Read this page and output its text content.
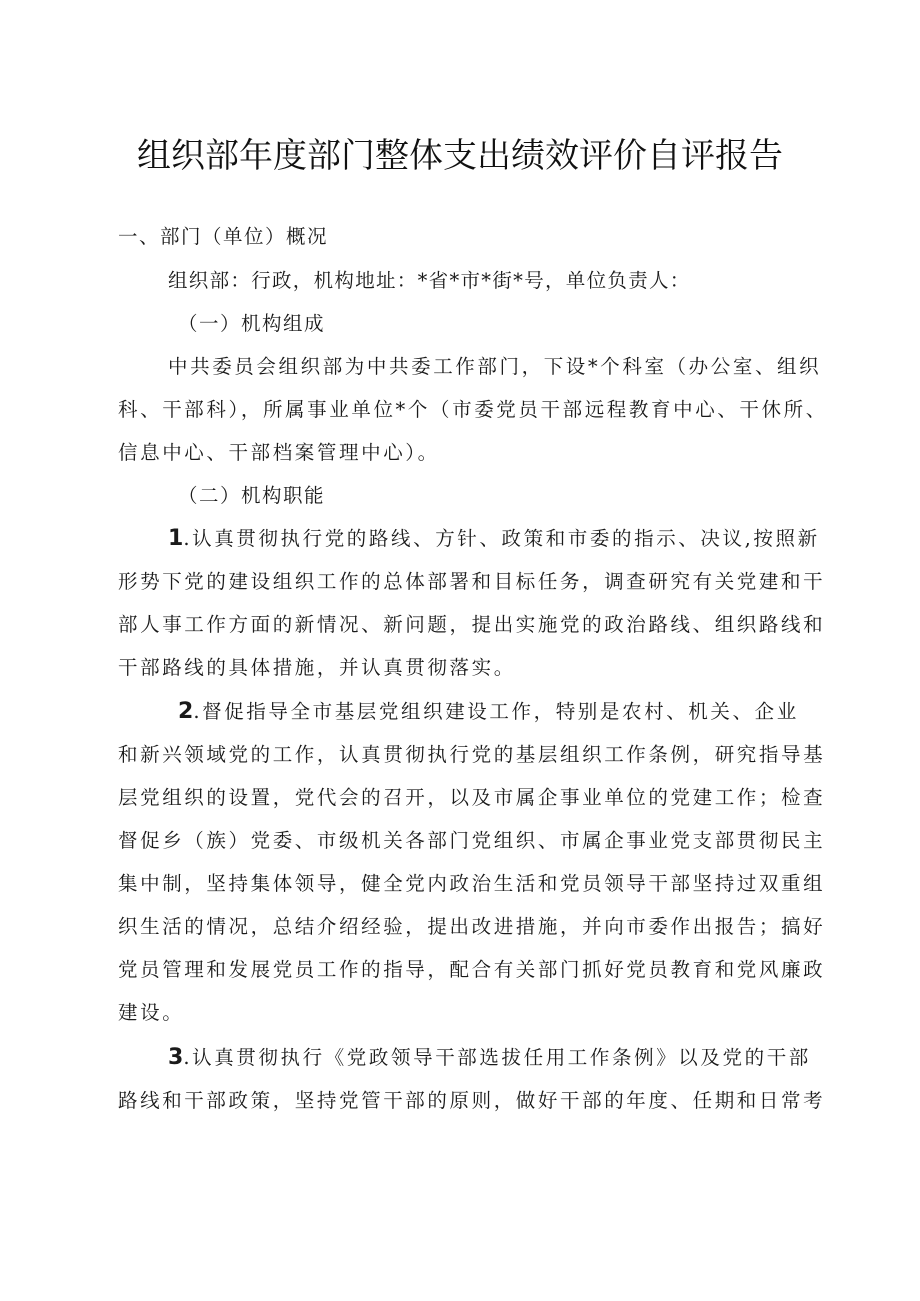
组织部年度部门整体支出绩效评价自评报告
一、部门（单位）概况
组织部：行政，机构地址：*省*市*街*号，单位负责人：
（一）机构组成
中共委员会组织部为中共委工作部门，下设*个科室（办公室、组织
科、干部科），所属事业单位*个（市委党员干部远程教育中心、干休所、
信息中心、干部档案管理中心）。
（二）机构职能
1.认真贯彻执行党的路线、方针、政策和市委的指示、决议,按照新
形势下党的建设组织工作的总体部署和目标任务，调查研究有关党建和干
部人事工作方面的新情况、新问题，提出实施党的政治路线、组织路线和
干部路线的具体措施，并认真贯彻落实。
2.督促指导全市基层党组织建设工作，特别是农村、机关、企业
和新兴领域党的工作，认真贯彻执行党的基层组织工作条例，研究指导基
层党组织的设置，党代会的召开，以及市属企事业单位的党建工作；检查
督促乡（族）党委、市级机关各部门党组织、市属企事业党支部贯彻民主
集中制，坚持集体领导，健全党内政治生活和党员领导干部坚持过双重组
织生活的情况，总结介绍经验，提出改进措施，并向市委作出报告；搞好
党员管理和发展党员工作的指导，配合有关部门抓好党员教育和党风廉政
建设。
3.认真贯彻执行《党政领导干部选拔任用工作条例》以及党的干部
路线和干部政策，坚持党管干部的原则，做好干部的年度、任期和日常考
